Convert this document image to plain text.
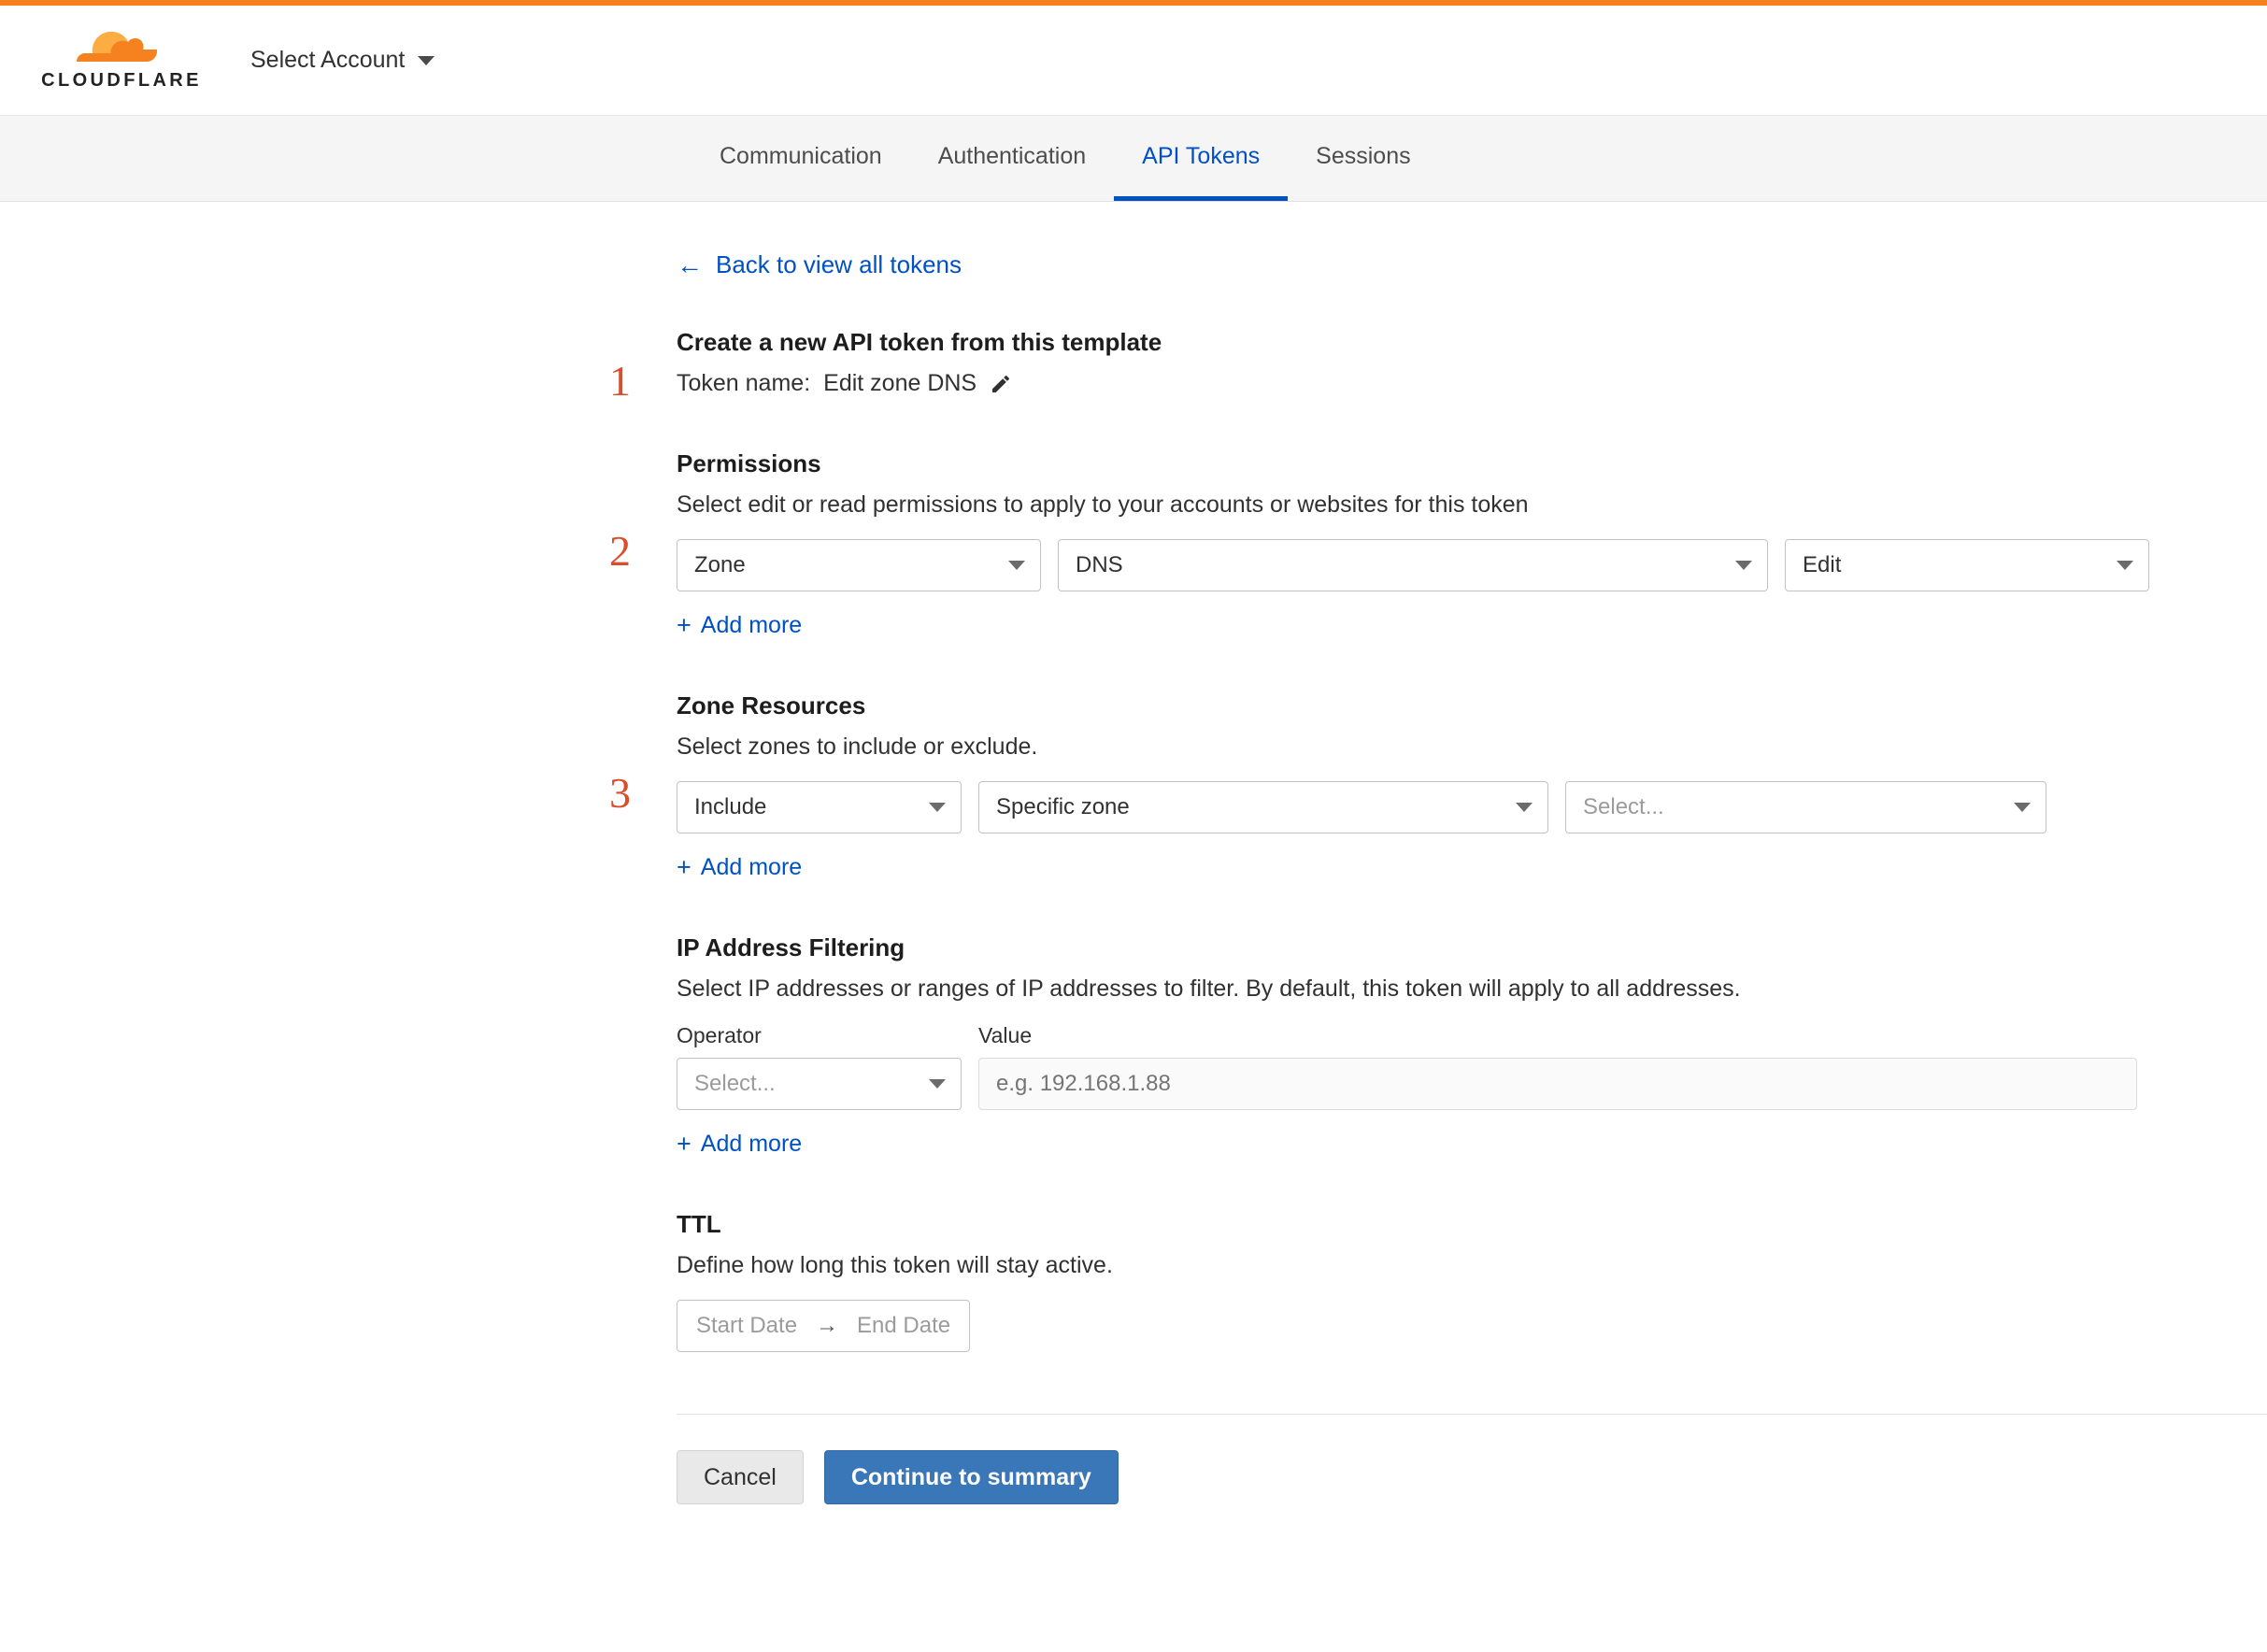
CLOUDFLARE
Select Account
Communication Authentication API Tokens Sessions
← Back to view all tokens
1
Create a new API token from this template
Token name: Edit zone DNS
2
Permissions
Select edit or read permissions to apply to your accounts or websites for this token
Zone	DNS	Edit
+ Add more
3
Zone Resources
Select zones to include or exclude.
Include	Specific zone	Select...
+ Add more
IP Address Filtering
Select IP addresses or ranges of IP addresses to filter. By default, this token will apply to all addresses.
Operator
Select...
Value
e.g. 192.168.1.88
+ Add more
TTL
Define how long this token will stay active.
Start Date → End Date
Cancel	Continue to summary
